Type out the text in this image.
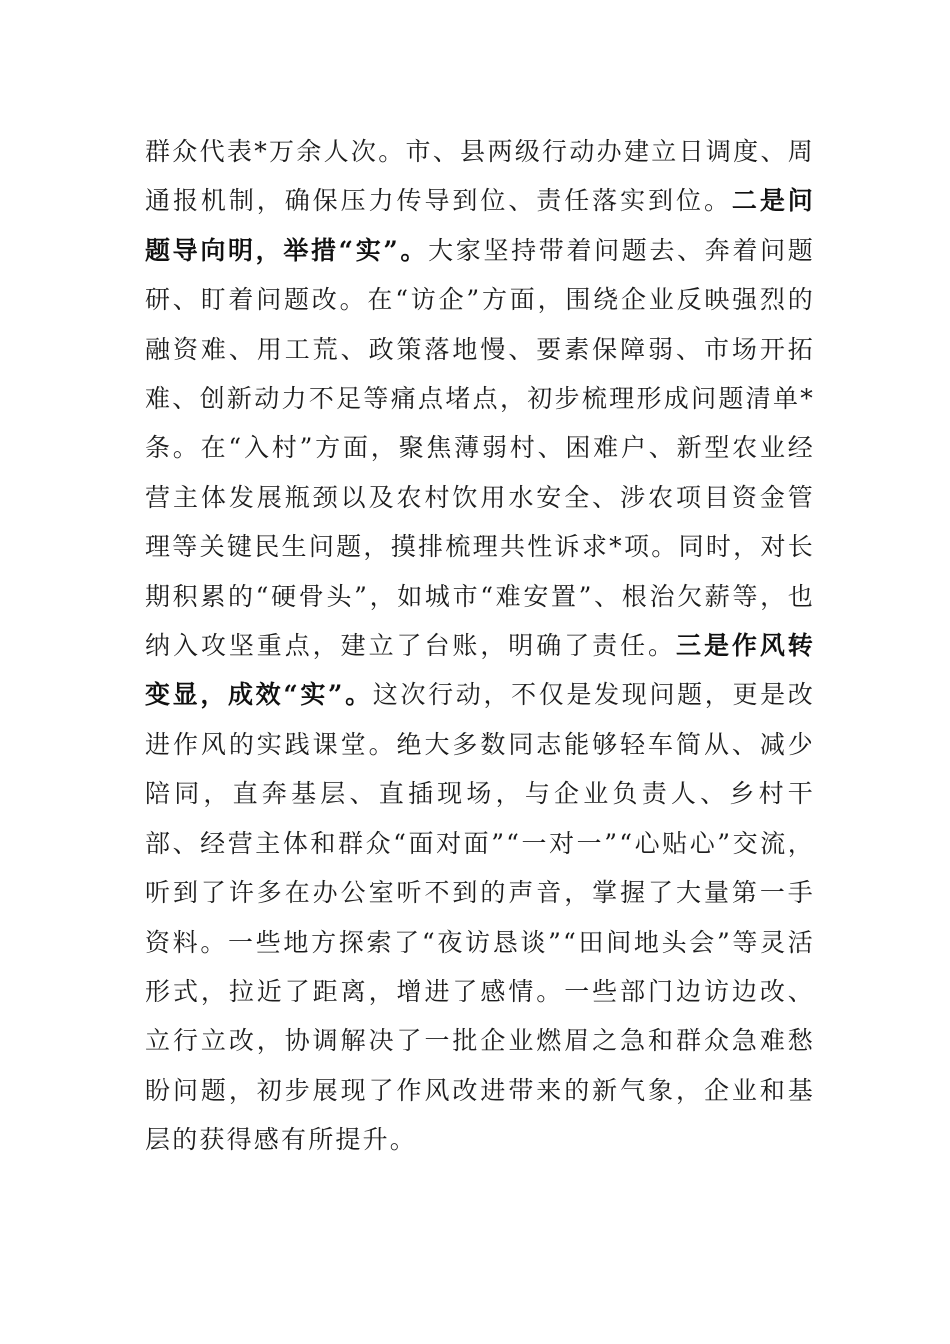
群众代表*万余人次。市、县两级行动办建立日调度、周通报机制，确保压力传导到位、责任落实到位。二是问题导向明，举措“实”。大家坚持带着问题去、奔着问题研、盯着问题改。在“访企”方面，围绕企业反映强烈的融资难、用工荒、政策落地慢、要素保障弱、市场开拓难、创新动力不足等痛点堵点，初步梳理形成问题清单*条。在“入村”方面，聚焦薄弱村、困难户、新型农业经营主体发展瓶颈以及农村饮用水安全、涉农项目资金管理等关键民生问题，摸排梳理共性诉求*项。同时，对长期积累的“硬骨头”，如城市“难安置”、根治欠薪等，也纳入攻坚重点，建立了台账，明确了责任。三是作风转变显，成效“实”。这次行动，不仅是发现问题，更是改进作风的实践课堂。绝大多数同志能够轻车简从、减少陪同，直奔基层、直插现场，与企业负责人、乡村干部、经营主体和群众“面对面”“一对一”“心贴心”交流，听到了许多在办公室听不到的声音，掌握了大量第一手资料。一些地方探索了“夜访恳谈”“田间地头会”等灵活形式，拉近了距离，增进了感情。一些部门边访边改、立行立改，协调解决了一批企业燃眉之急和群众急难愁盼问题，初步展现了作风改进带来的新气象，企业和基层的获得感有所提升。
